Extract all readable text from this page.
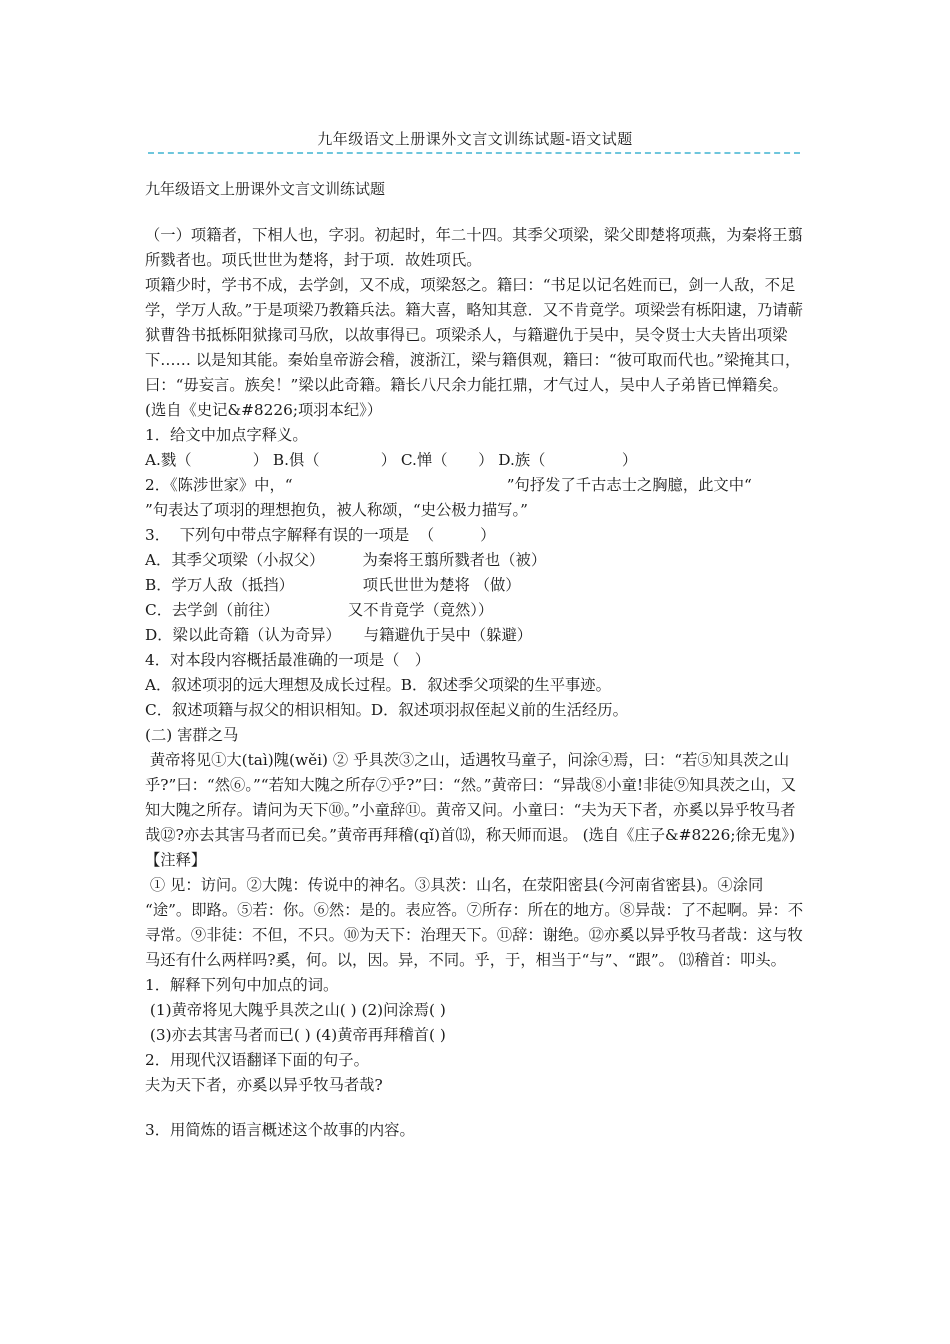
九年级语文上册课外文言文训练试题-语文试题
九年级语文上册课外文言文训练试题

（一）项籍者，下相人也，字羽。初起时，年二十四。其季父项梁，梁父即楚将项燕，为秦将王翦所戮者也。项氏世世为楚将，封于项．故姓项氏。

项籍少时，学书不成，去学剑，又不成，项梁怒之。籍曰：“书足以记名姓而已，剑一人敌，不足学，学万人敌。”于是项梁乃教籍兵法。籍大喜，略知其意．又不肯竟学。项梁尝有栎阳逮，乃请蕲狱曹咎书抵栎阳狱掾司马欣，以故事得已。项梁杀人，与籍避仇于吴中，吴令贤士大夫皆出项梁下…… 以是知其能。秦始皇帝游会稽，渡浙江，梁与籍俱观，籍曰：“彼可取而代也。”梁掩其口，曰：“毋妄言。族矣！”梁以此奇籍。籍长八尺余力能扛鼎，才气过人，吴中人子弟皆已惮籍矣。 (选自《史记&#8226;项羽本纪》）

1．给文中加点字释义。

A.戮（　　　　） B.俱（　　　　） C.惮（　　） D.族（　　　　　）

2．《陈涉世家》中，“　　　　　　　　　　　　　　”句抒发了千古志士之胸臆，此文中“　　　　　　”句表达了项羽的理想抱负，被人称颂，“史公极力描写。”

3．  下列句中带点字解释有误的一项是  （　　　）

A．其季父项梁（小叔父）　　　为秦将王翦所戮者也（被）

B．学万人敌（抵挡）　　　　　项氏世世为楚将 （做）

C．去学剑（前往）　　　　　又不肯竟学（竟然））

D．梁以此奇籍（认为奇异）　　与籍避仇于吴中（躲避）

4．对本段内容概括最准确的一项是（　）

A．叙述项羽的远大理想及成长过程。B．叙述季父项梁的生平事迹。

C．叙述项籍与叔父的相识相知。D．叙述项羽叔侄起义前的生活经历。

(二) 害群之马

黄帝将见①大(taì)隗(wěi) ② 乎具茨③之山，适遇牧马童子，问涂④焉，曰：“若⑤知具茨之山乎?”曰：“然⑥。”“若知大隗之所存⑦乎?”曰：“然。”黄帝曰：“异哉⑧小童!非徒⑨知具茨之山，又知大隗之所存。请问为天下⑩。”小童辞⑪。黄帝又问。小童曰：“夫为天下者，亦奚以异乎牧马者哉⑫?亦去其害马者而已矣。”黄帝再拜稽(qǐ)首⒀，称天师而退。 (选自《庄子&#8226;徐无鬼》)

【注释】

① 见：访问。②大隗：传说中的神名。③具茨：山名，在荥阳密县(今河南省密县)。④涂同 “途”。即路。⑤若：你。⑥然：是的。表应答。⑦所存：所在的地方。⑧异哉：了不起啊。异：不寻常。⑨非徒：不但，不只。⑩为天下：治理天下。⑪辞：谢绝。⑫亦奚以异乎牧马者哉：这与牧马还有什么两样吗?奚，何。以，因。异，不同。乎，于，相当于“与”、“跟”。 ⒀稽首：叩头。

1．解释下列句中加点的词。

(1)黄帝将见大隗乎具茨之山( ) (2)问涂焉( )

(3)亦去其害马者而已( ) (4)黄帝再拜稽首( )

2．用现代汉语翻译下面的句子。

夫为天下者，亦奚以异乎牧马者哉?

3．用简炼的语言概述这个故事的内容。
